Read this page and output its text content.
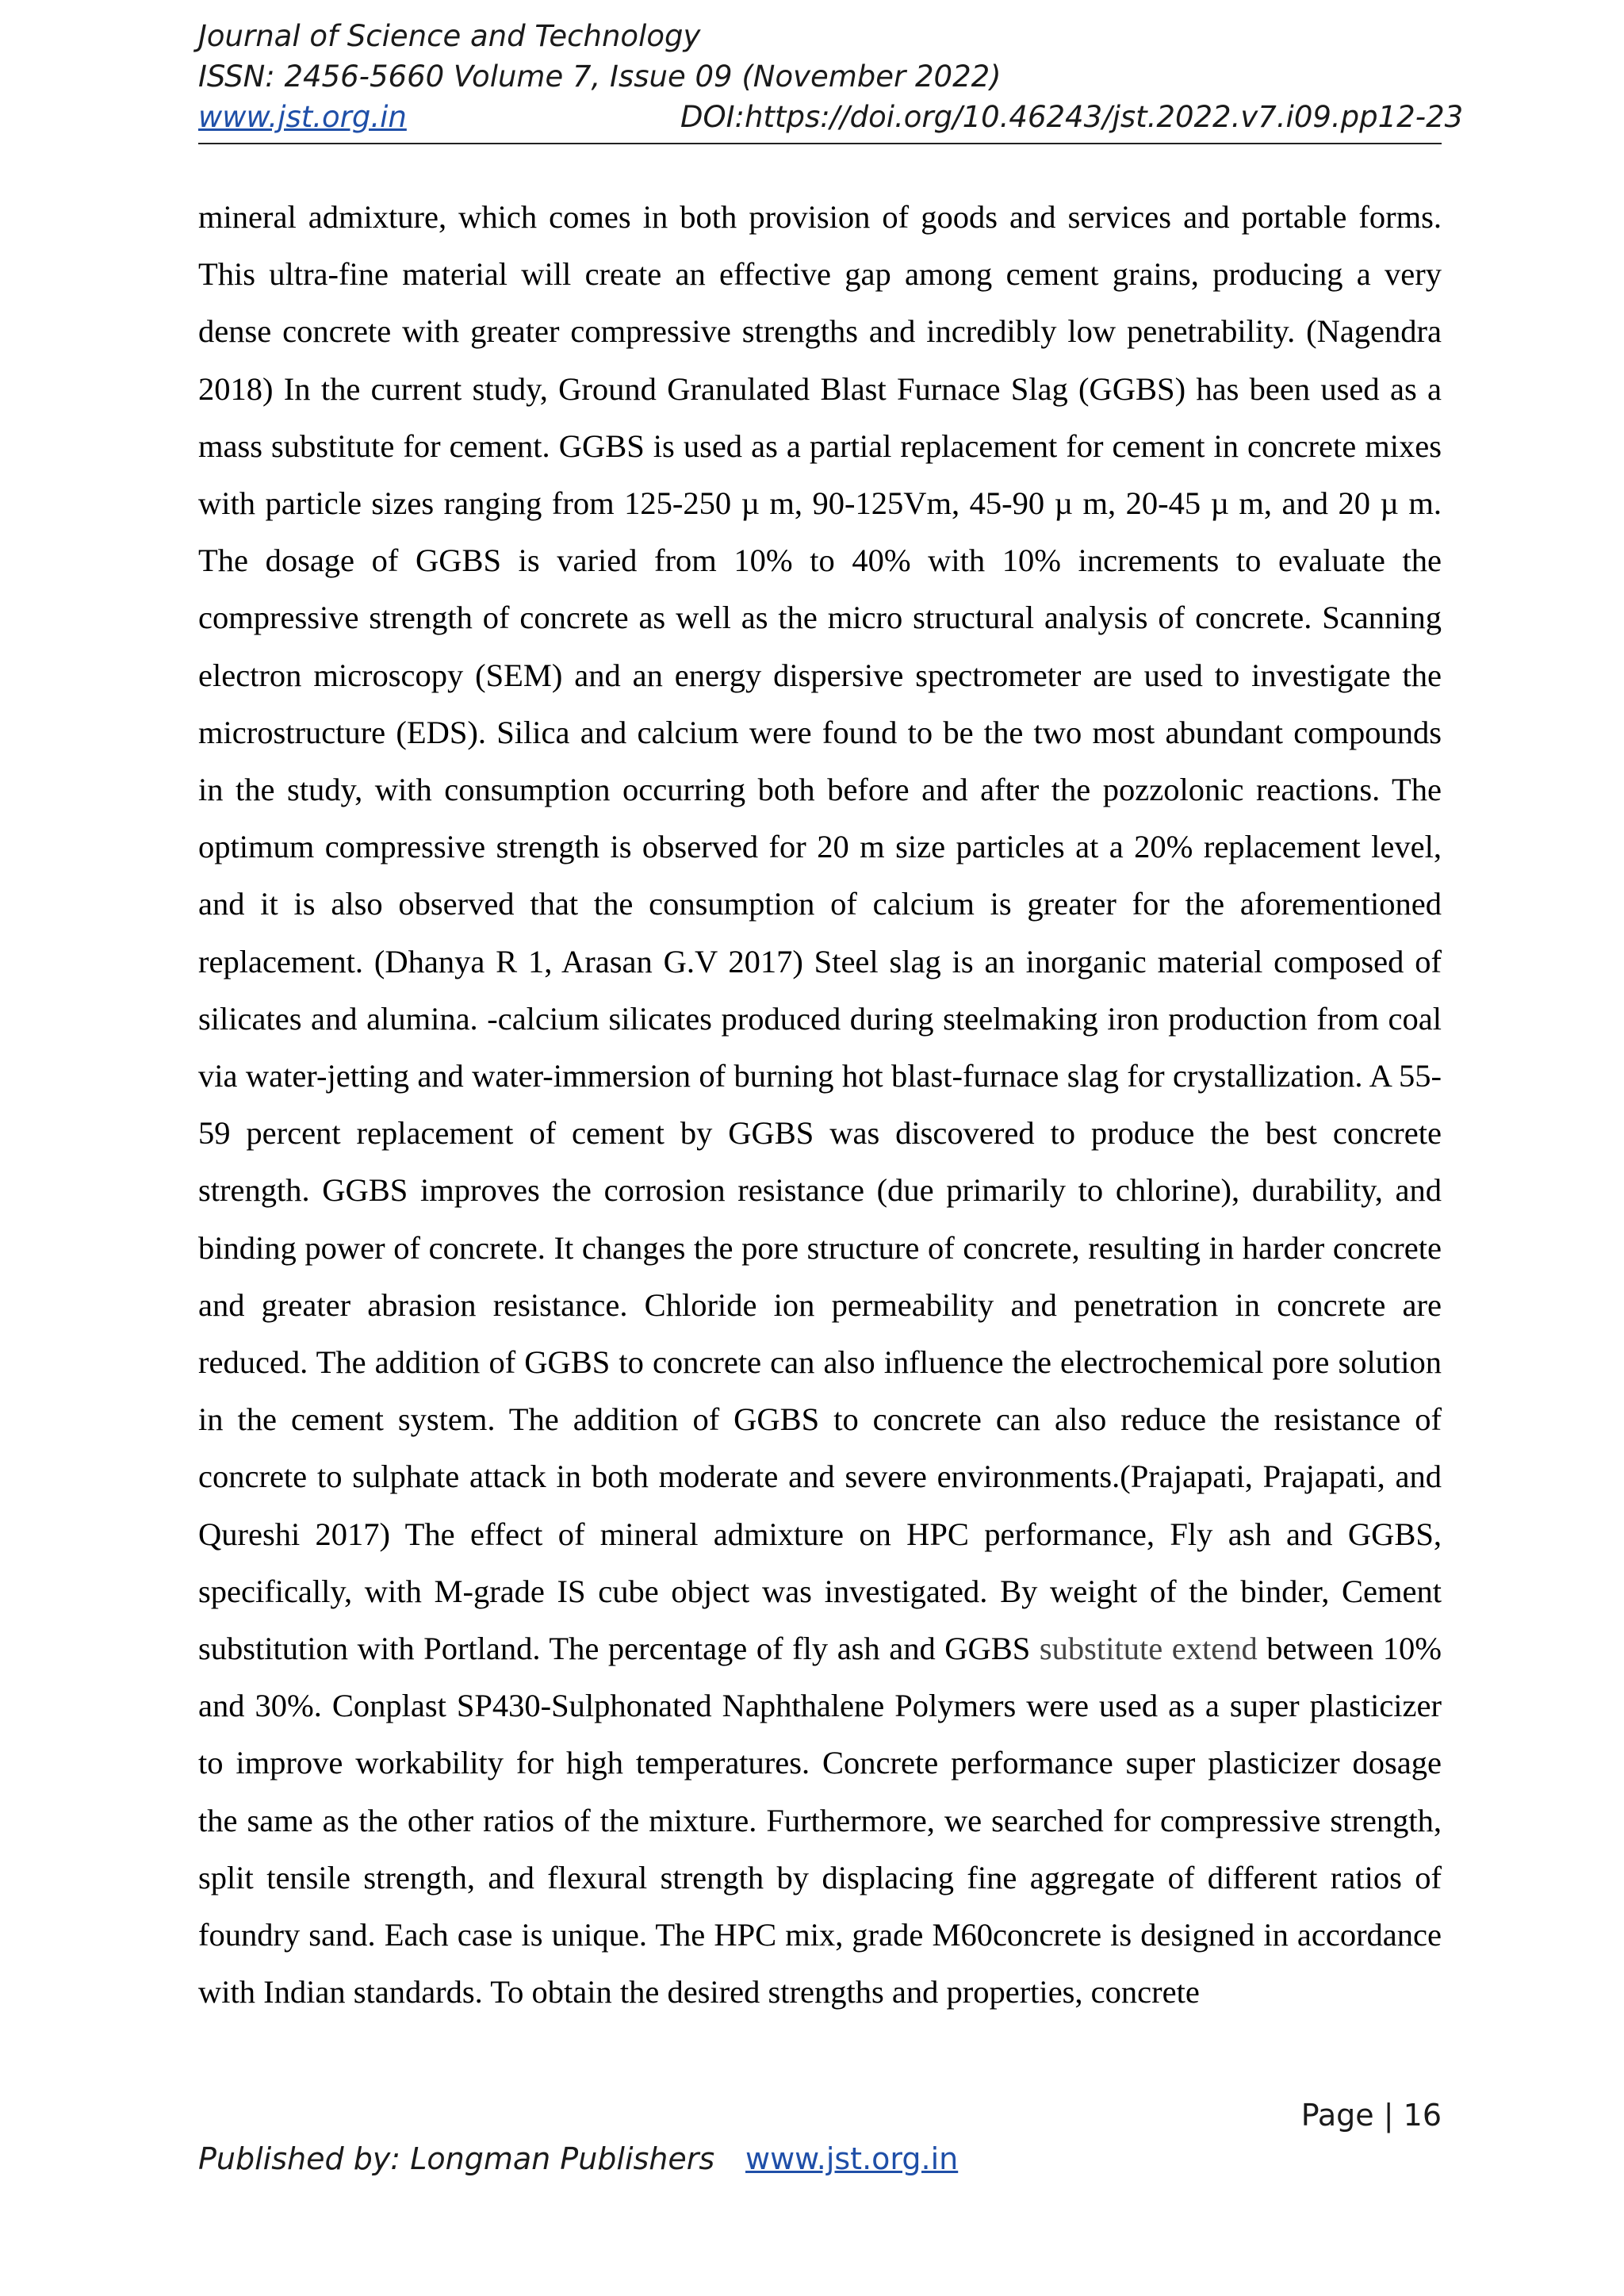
Journal of Science and Technology
ISSN: 2456-5660 Volume 7, Issue 09 (November 2022)
www.jst.org.in	DOI:https://doi.org/10.46243/jst.2022.v7.i09.pp12-23
mineral admixture, which comes in both provision of goods and services and portable forms. This ultra-fine material will create an effective gap among cement grains, producing a very dense concrete with greater compressive strengths and incredibly low penetrability. (Nagendra 2018) In the current study, Ground Granulated Blast Furnace Slag (GGBS) has been used as a mass substitute for cement. GGBS is used as a partial replacement for cement in concrete mixes with particle sizes ranging from 125-250 µ m, 90-125Vm, 45-90 µ m, 20-45 µ m, and 20 µ m. The dosage of GGBS is varied from 10% to 40% with 10% increments to evaluate the compressive strength of concrete as well as the micro structural analysis of concrete. Scanning electron microscopy (SEM) and an energy dispersive spectrometer are used to investigate the microstructure (EDS). Silica and calcium were found to be the two most abundant compounds in the study, with consumption occurring both before and after the pozzolonic reactions. The optimum compressive strength is observed for 20 m size particles at a 20% replacement level, and it is also observed that the consumption of calcium is greater for the aforementioned replacement. (Dhanya R 1, Arasan G.V 2017) Steel slag is an inorganic material composed of silicates and alumina. -calcium silicates produced during steelmaking iron production from coal via water-jetting and water-immersion of burning hot blast-furnace slag for crystallization. A 55-59 percent replacement of cement by GGBS was discovered to produce the best concrete strength. GGBS improves the corrosion resistance (due primarily to chlorine), durability, and binding power of concrete. It changes the pore structure of concrete, resulting in harder concrete and greater abrasion resistance. Chloride ion permeability and penetration in concrete are reduced. The addition of GGBS to concrete can also influence the electrochemical pore solution in the cement system. The addition of GGBS to concrete can also reduce the resistance of concrete to sulphate attack in both moderate and severe environments.(Prajapati, Prajapati, and Qureshi 2017) The effect of mineral admixture on HPC performance, Fly ash and GGBS, specifically, with M-grade IS cube object was investigated. By weight of the binder, Cement substitution with Portland. The percentage of fly ash and GGBS substitute extend between 10% and 30%. Conplast SP430-Sulphonated Naphthalene Polymers were used as a super plasticizer to improve workability for high temperatures. Concrete performance super plasticizer dosage the same as the other ratios of the mixture. Furthermore, we searched for compressive strength, split tensile strength, and flexural strength by displacing fine aggregate of different ratios of foundry sand. Each case is unique. The HPC mix, grade M60concrete is designed in accordance with Indian standards. To obtain the desired strengths and properties, concrete
Page | 16
Published by: Longman Publishers www.jst.org.in
